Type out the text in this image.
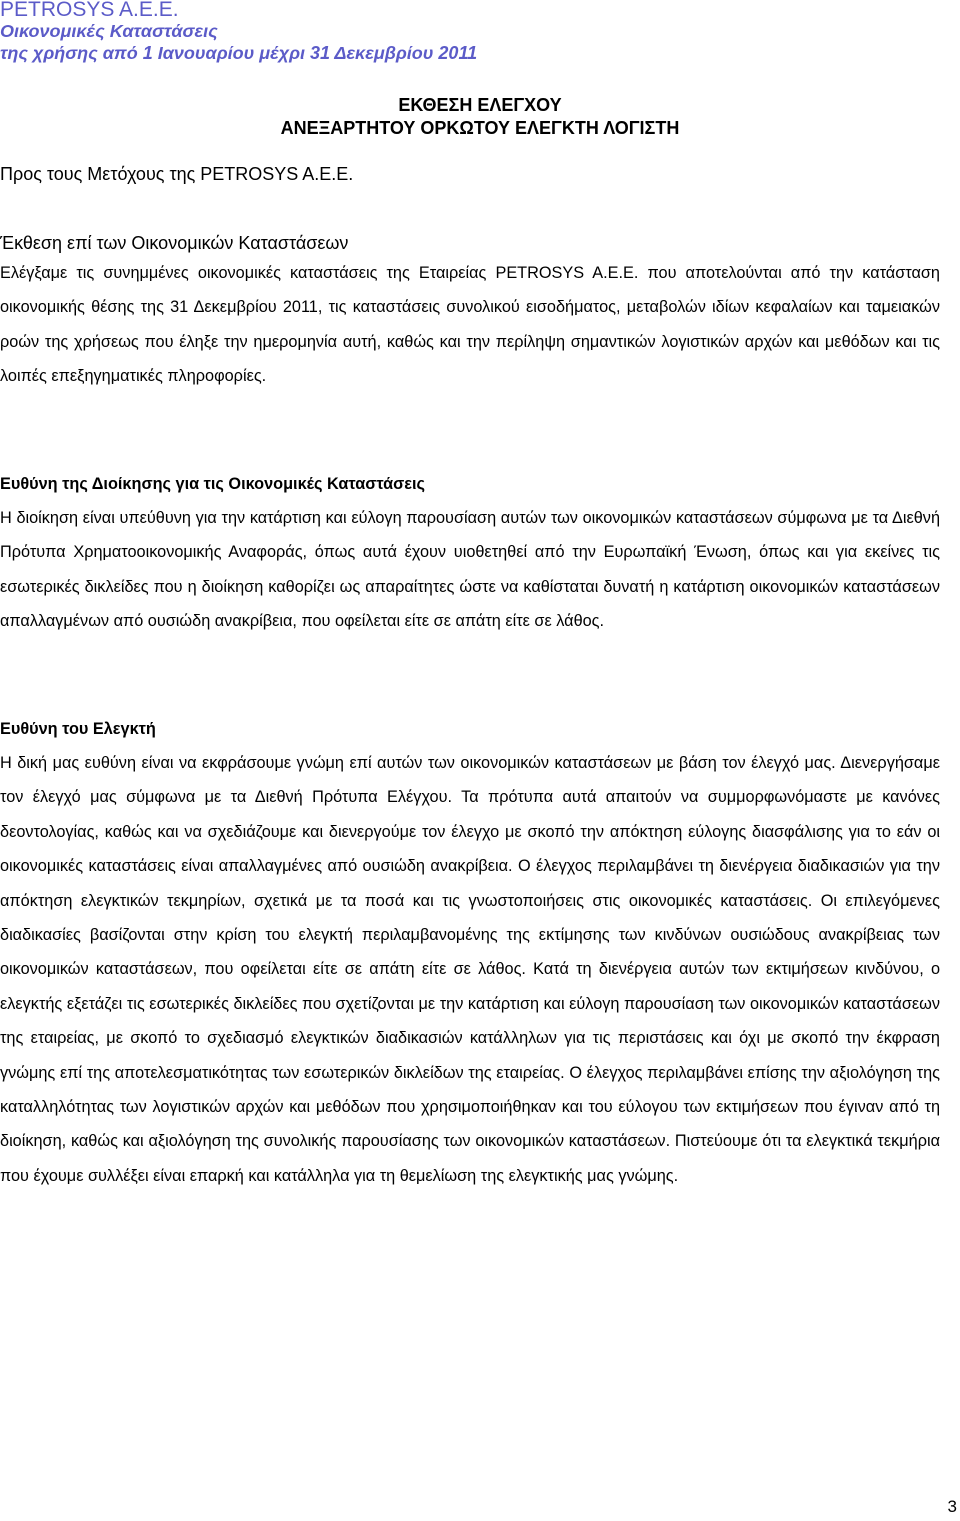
PETROSYS A.E.E.
Οικονομικές Καταστάσεις
της χρήσης από 1 Ιανουαρίου μέχρι 31 Δεκεμβρίου 2011
ΕΚΘΕΣΗ ΕΛΕΓΧΟΥ
ΑΝΕΞΑΡΤΗΤΟΥ ΟΡΚΩΤΟΥ ΕΛΕΓΚΤΗ ΛΟΓΙΣΤΗ
Προς τους Μετόχους της PETROSYS A.E.E.
Έκθεση επί των Οικονομικών Καταστάσεων

Ελέγξαμε τις συνημμένες οικονομικές καταστάσεις της Εταιρείας PETROSYS A.E.E. που αποτελούνται από την κατάσταση οικονομικής θέσης της 31 Δεκεμβρίου 2011, τις καταστάσεις συνολικού εισοδήματος, μεταβολών ιδίων κεφαλαίων και ταμειακών ροών της χρήσεως που έληξε την ημερομηνία αυτή, καθώς και την περίληψη σημαντικών λογιστικών αρχών και μεθόδων και τις λοιπές επεξηγηματικές πληροφορίες.

Ευθύνη της Διοίκησης για τις Οικονομικές Καταστάσεις

Η διοίκηση είναι υπεύθυνη για την κατάρτιση και εύλογη παρουσίαση αυτών των οικονομικών καταστάσεων σύμφωνα με τα Διεθνή Πρότυπα Χρηματοοικονομικής Αναφοράς, όπως αυτά έχουν υιοθετηθεί από την Ευρωπαϊκή Ένωση, όπως και για εκείνες τις εσωτερικές δικλείδες που η διοίκηση καθορίζει ως απαραίτητες ώστε να καθίσταται δυνατή η κατάρτιση οικονομικών καταστάσεων απαλλαγμένων από ουσιώδη ανακρίβεια, που οφείλεται είτε σε απάτη είτε σε λάθος.

Ευθύνη του Ελεγκτή

Η δική μας ευθύνη είναι να εκφράσουμε γνώμη επί αυτών των οικονομικών καταστάσεων με βάση τον έλεγχό μας. Διενεργήσαμε τον έλεγχό μας σύμφωνα με τα Διεθνή Πρότυπα Ελέγχου. Τα πρότυπα αυτά απαιτούν να συμμορφωνόμαστε με κανόνες δεοντολογίας, καθώς και να σχεδιάζουμε και διενεργούμε τον έλεγχο με σκοπό την απόκτηση εύλογης διασφάλισης για το εάν οι οικονομικές καταστάσεις είναι απαλλαγμένες από ουσιώδη ανακρίβεια. Ο έλεγχος περιλαμβάνει τη διενέργεια διαδικασιών για την απόκτηση ελεγκτικών τεκμηρίων, σχετικά με τα ποσά και τις γνωστοποιήσεις στις οικονομικές καταστάσεις. Οι επιλεγόμενες διαδικασίες βασίζονται στην κρίση του ελεγκτή περιλαμβανομένης της εκτίμησης των κινδύνων ουσιώδους ανακρίβειας των οικονομικών καταστάσεων, που οφείλεται είτε σε απάτη είτε σε λάθος. Κατά τη διενέργεια αυτών των εκτιμήσεων κινδύνου, ο ελεγκτής εξετάζει τις εσωτερικές δικλείδες που σχετίζονται με την κατάρτιση και εύλογη παρουσίαση των οικονομικών καταστάσεων της εταιρείας, με σκοπό το σχεδιασμό ελεγκτικών διαδικασιών κατάλληλων για τις περιστάσεις και όχι με σκοπό την έκφραση γνώμης επί της αποτελεσματικότητας των εσωτερικών δικλείδων της εταιρείας. Ο έλεγχος περιλαμβάνει επίσης την αξιολόγηση της καταλληλότητας των λογιστικών αρχών και μεθόδων που χρησιμοποιήθηκαν και του εύλογου των εκτιμήσεων που έγιναν από τη διοίκηση, καθώς και αξιολόγηση της συνολικής παρουσίασης των οικονομικών καταστάσεων. Πιστεύουμε ότι τα ελεγκτικά τεκμήρια που έχουμε συλλέξει είναι επαρκή και κατάλληλα για τη θεμελίωση της ελεγκτικής μας γνώμης.

3
